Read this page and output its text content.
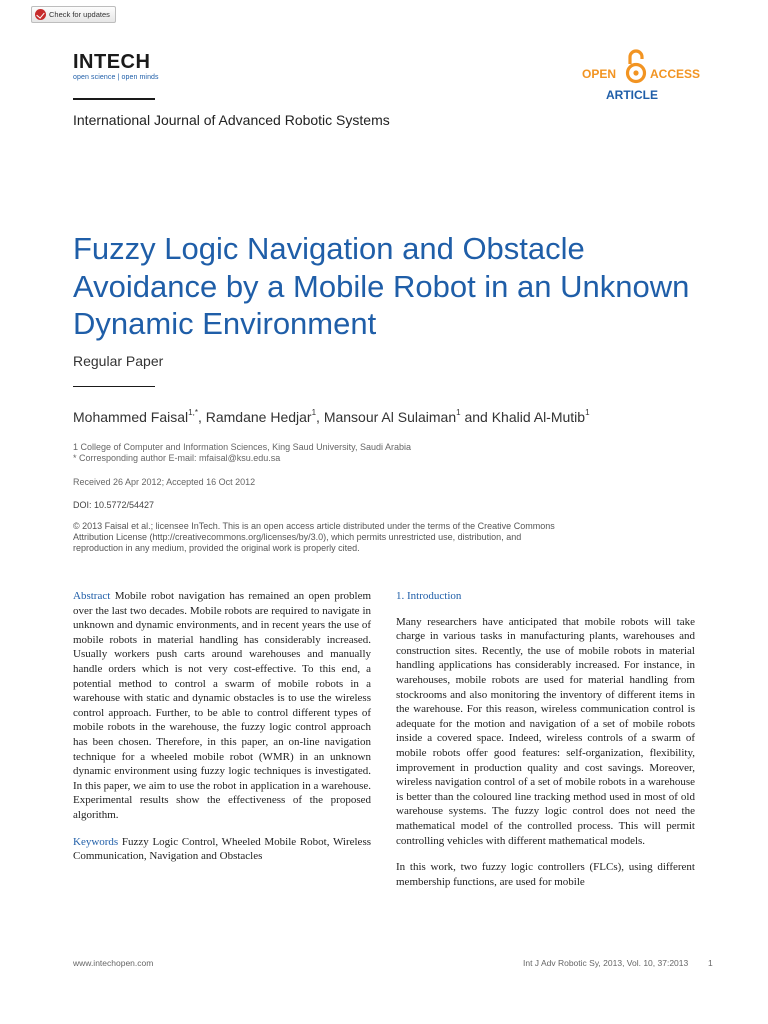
Check for updates
INTECH
open science | open minds	OPEN	ACCESS
ARTICLE
International Journal of Advanced Robotic Systems
Fuzzy Logic Navigation and Obstacle Avoidance by a Mobile Robot in an Unknown Dynamic Environment
Regular Paper
Mohammed Faisal$^{1,*}$, Ramdane Hedjar$^1$, Mansour Al Sulaiman$^1$ and Khalid Al-Mutib$^1$
1 College of Computer and Information Sciences, King Saud University, Saudi Arabia
* Corresponding author E-mail: mfaisal@ksu.edu.sa
Received 26 Apr 2012; Accepted 16 Oct 2012
DOI: 10.5772/54427
© 2013 Faisal et al.; licensee InTech. This is an open access article distributed under the terms of the Creative Commons Attribution License (http://creativecommons.org/licenses/by/3.0), which permits unrestricted use, distribution, and reproduction in any medium, provided the original work is properly cited.

Abstract Mobile robot navigation has remained an open problem over the last two decades. Mobile robots are required to navigate in unknown and dynamic environments, and in recent years the use of mobile robots in material handling has considerably increased. Usually workers push carts around warehouses and manually handle orders which is not very cost-effective. To this end, a potential method to control a swarm of mobile robots in a warehouse with static and dynamic obstacles is to use the wireless control approach. Further, to be able to control different types of mobile robots in the warehouse, the fuzzy logic control approach has been chosen. Therefore, in this paper, an on-line navigation technique for a wheeled mobile robot (WMR) in an unknown dynamic environment using fuzzy logic techniques is investigated. In this paper, we aim to use the robot in application in a warehouse. Experimental results show the effectiveness of the proposed algorithm.

Keywords Fuzzy Logic Control, Wheeled Mobile Robot, Wireless Communication, Navigation and Obstacles

1. Introduction

Many researchers have anticipated that mobile robots will take charge in various tasks in manufacturing plants, warehouses and construction sites. Recently, the use of mobile robots in material handling applications has considerably increased. For instance, in warehouses, mobile robots are used for material handling from stockrooms and also monitoring the inventory of different items in the warehouse. For this reason, wireless communication control is adequate for the motion and navigation of a set of mobile robots inside a covered space. Indeed, wireless controls of a swarm of mobile robots offer good features: self-organization, flexibility, improvement in production quality and cost savings. Moreover, wireless navigation control of a set of mobile robots in a warehouse is better than the coloured line tracking method used in most of old warehouse systems. The fuzzy logic control does not need the mathematical model of the controlled process. This will permit controlling vehicles with different mathematical models.

In this work, two fuzzy logic controllers (FLCs), using different membership functions, are used for mobile

www.intechopen.com	Int J Adv Robotic Sy, 2013, Vol. 10, 37:2013 1
